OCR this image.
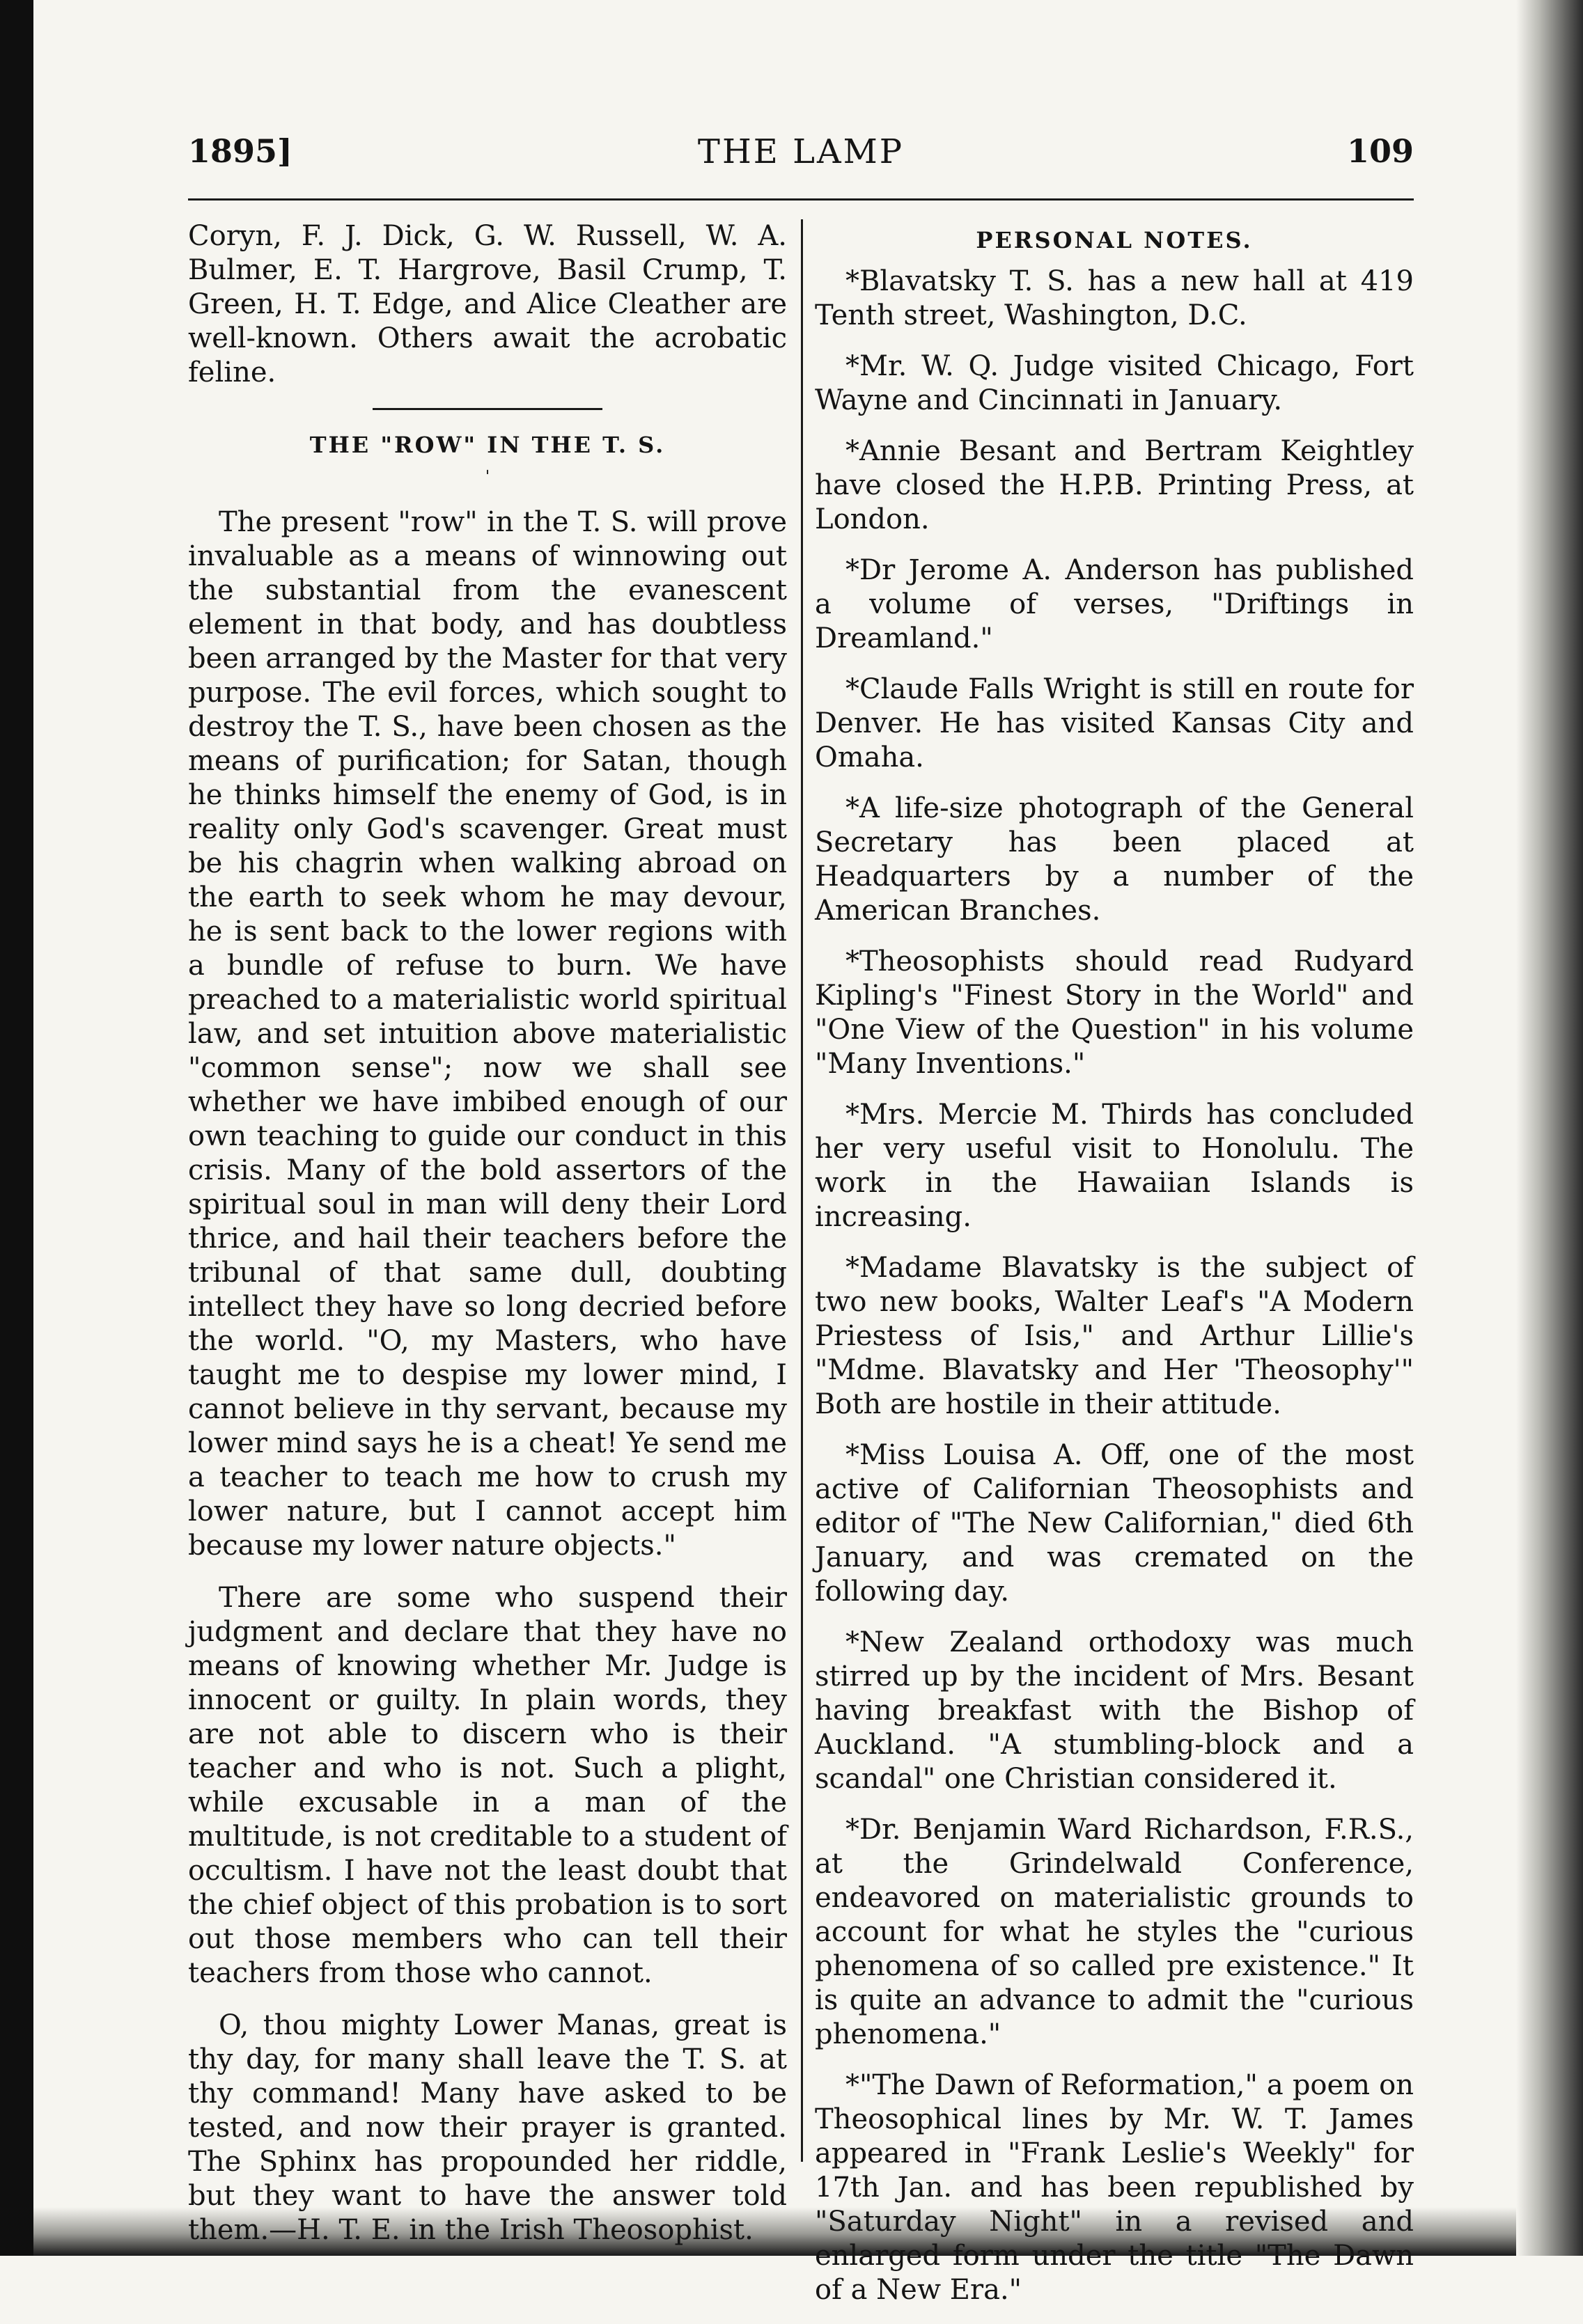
1895]	THE LAMP	109

Coryn, F. J. Dick, G. W. Russell, W. A. Bulmer, E. T. Hargrove, Basil Crump, T. Green, H. T. Edge, and Alice Cleather are well-known. Others await the acrobatic feline.

THE "ROW" IN THE T. S.
ˈ

The present "row" in the T. S. will prove invaluable as a means of winnowing out the substantial from the evanescent element in that body, and has doubtless been arranged by the Master for that very purpose. The evil forces, which sought to destroy the T. S., have been chosen as the means of purification; for Satan, though he thinks himself the enemy of God, is in reality only God's scavenger. Great must be his chagrin when walking abroad on the earth to seek whom he may devour, he is sent back to the lower regions with a bundle of refuse to burn. We have preached to a materialistic world spiritual law, and set intuition above materialistic "common sense"; now we shall see whether we have imbibed enough of our own teaching to guide our conduct in this crisis. Many of the bold assertors of the spiritual soul in man will deny their Lord thrice, and hail their teachers before the tribunal of that same dull, doubting intellect they have so long decried before the world. "O, my Masters, who have taught me to despise my lower mind, I cannot believe in thy servant, because my lower mind says he is a cheat! Ye send me a teacher to teach me how to crush my lower nature, but I cannot accept him because my lower nature objects."

There are some who suspend their judgment and declare that they have no means of knowing whether Mr. Judge is innocent or guilty. In plain words, they are not able to discern who is their teacher and who is not. Such a plight, while excusable in a man of the multitude, is not creditable to a student of occultism. I have not the least doubt that the chief object of this probation is to sort out those members who can tell their teachers from those who cannot.

O, thou mighty Lower Manas, great is thy day, for many shall leave the T. S. at thy command! Many have asked to be tested, and now their prayer is granted. The Sphinx has propounded her riddle, but they want to have the answer told them.—H. T. E. in the Irish Theosophist.

PERSONAL NOTES.

*Blavatsky T. S. has a new hall at 419 Tenth street, Washington, D.C.

*Mr. W. Q. Judge visited Chicago, Fort Wayne and Cincinnati in January.

*Annie Besant and Bertram Keightley have closed the H.P.B. Printing Press, at London.

*Dr Jerome A. Anderson has published a volume of verses, "Driftings in Dreamland."

*Claude Falls Wright is still en route for Denver. He has visited Kansas City and Omaha.

*A life-size photograph of the General Secretary has been placed at Headquarters by a number of the American Branches.

*Theosophists should read Rudyard Kipling's "Finest Story in the World" and "One View of the Question" in his volume "Many Inventions."

*Mrs. Mercie M. Thirds has concluded her very useful visit to Honolulu. The work in the Hawaiian Islands is increasing.

*Madame Blavatsky is the subject of two new books, Walter Leaf's "A Modern Priestess of Isis," and Arthur Lillie's "Mdme. Blavatsky and Her 'Theosophy'" Both are hostile in their attitude.

*Miss Louisa A. Off, one of the most active of Californian Theosophists and editor of "The New Californian," died 6th January, and was cremated on the following day.

*New Zealand orthodoxy was much stirred up by the incident of Mrs. Besant having breakfast with the Bishop of Auckland. "A stumbling-block and a scandal" one Christian considered it.

*Dr. Benjamin Ward Richardson, F.R.S., at the Grindelwald Conference, endeavored on materialistic grounds to account for what he styles the "curious phenomena of so called pre existence." It is quite an advance to admit the "curious phenomena."

*"The Dawn of Reformation," a poem on Theosophical lines by Mr. W. T. James appeared in "Frank Leslie's Weekly" for 17th Jan. and has been republished by "Saturday Night" in a revised and enlarged form under the title "The Dawn of a New Era."
